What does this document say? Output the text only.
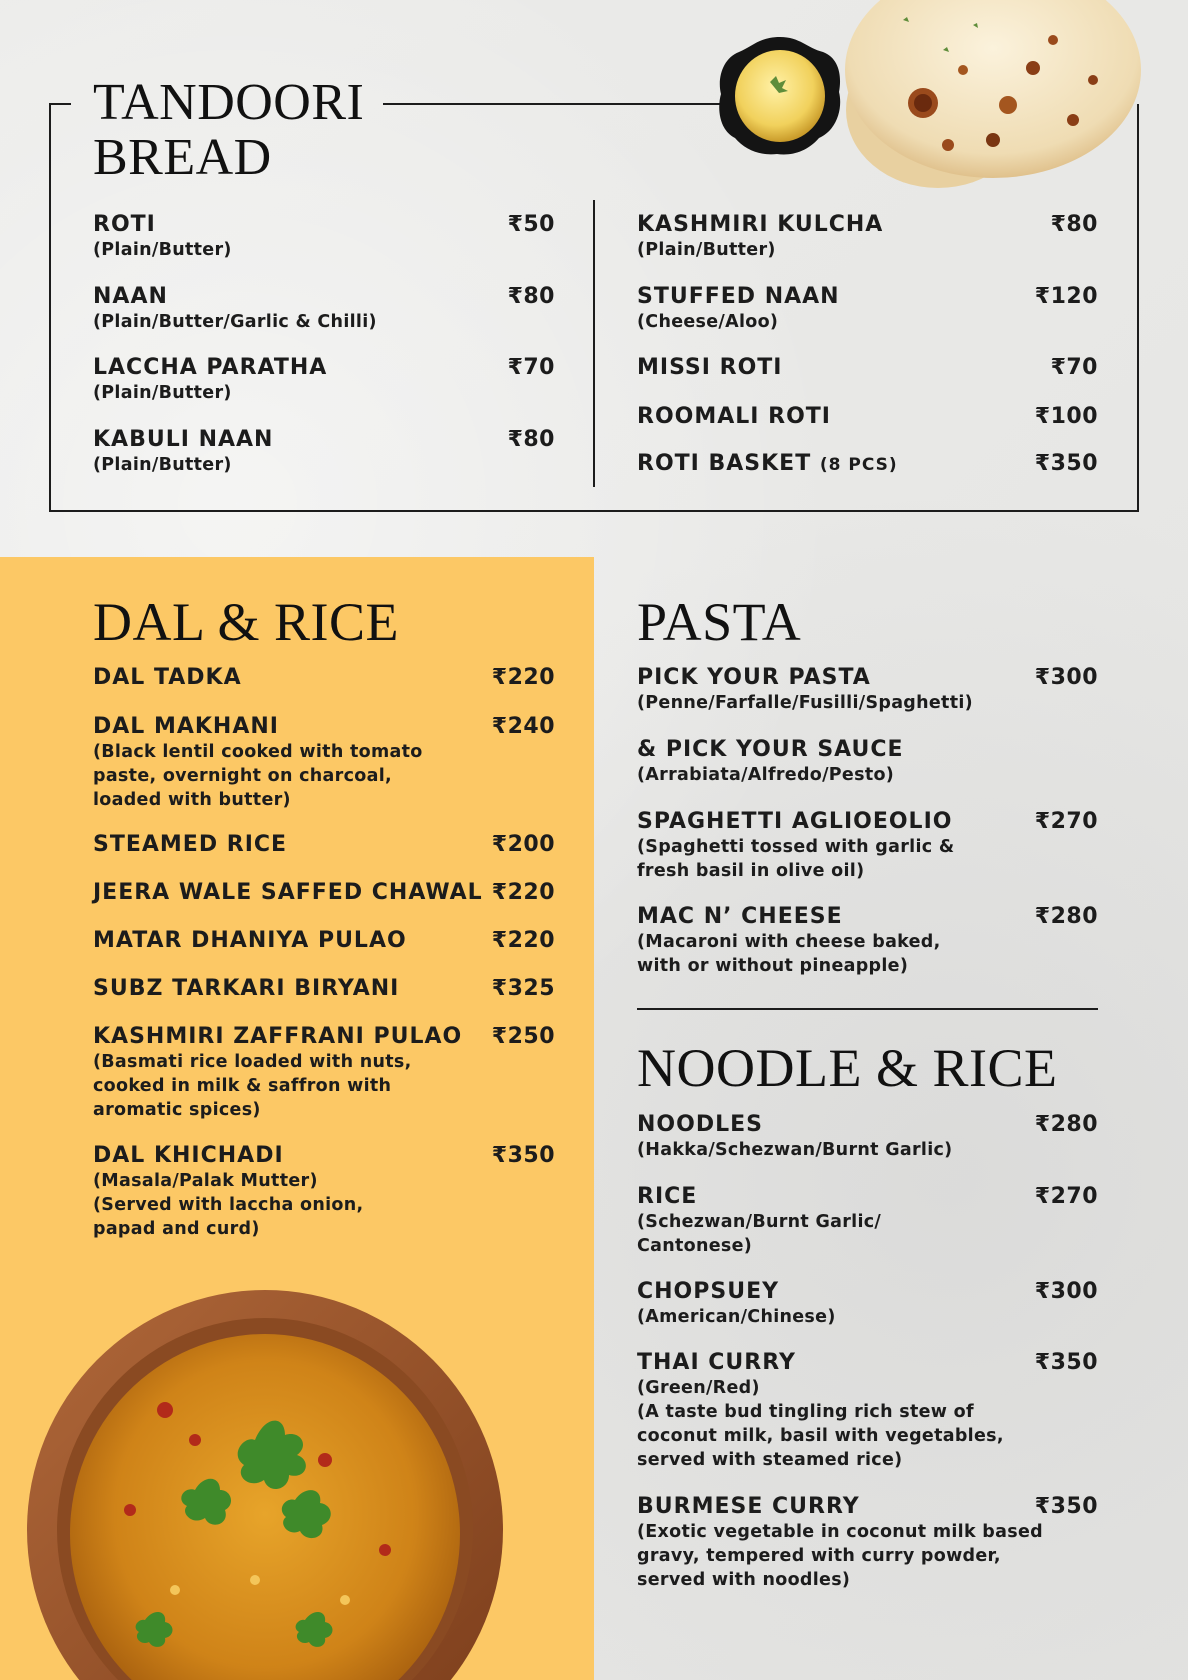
TANDOORI
BREAD
ROTI	₹50
(Plain/Butter)
NAAN	₹80
(Plain/Butter/Garlic & Chilli)
LACCHA PARATHA	₹70
(Plain/Butter)
KABULI NAAN	₹80
(Plain/Butter)
KASHMIRI KULCHA	₹80
(Plain/Butter)
STUFFED NAAN	₹120
(Cheese/Aloo)
MISSI ROTI	₹70
ROOMALI ROTI	₹100
ROTI BASKET (8 PCS)	₹350
DAL & RICE
DAL TADKA	₹220
DAL MAKHANI	₹240
(Black lentil cooked with tomato
paste, overnight on charcoal,
loaded with butter)
STEAMED RICE	₹200
JEERA WALE SAFFED CHAWAL ₹220
MATAR DHANIYA PULAO	₹220
SUBZ TARKARI BIRYANI	₹325
KASHMIRI ZAFFRANI PULAO	₹250
(Basmati rice loaded with nuts,
cooked in milk & saffron with
aromatic spices)
DAL KHICHADI	₹350
(Masala/Palak Mutter)
(Served with laccha onion,
papad and curd)
PASTA
PICK YOUR PASTA	₹300
(Penne/Farfalle/Fusilli/Spaghetti)
& PICK YOUR SAUCE
(Arrabiata/Alfredo/Pesto)
SPAGHETTI AGLIOEOLIO	₹270
(Spaghetti tossed with garlic &
fresh basil in olive oil)
MAC N’ CHEESE	₹280
(Macaroni with cheese baked,
with or without pineapple)
NOODLE & RICE
NOODLES	₹280
(Hakka/Schezwan/Burnt Garlic)
RICE	₹270
(Schezwan/Burnt Garlic/
Cantonese)
CHOPSUEY	₹300
(American/Chinese)
THAI CURRY	₹350
(Green/Red)
(A taste bud tingling rich stew of
coconut milk, basil with vegetables,
served with steamed rice)
BURMESE CURRY	₹350
(Exotic vegetable in coconut milk based
gravy, tempered with curry powder,
served with noodles)
